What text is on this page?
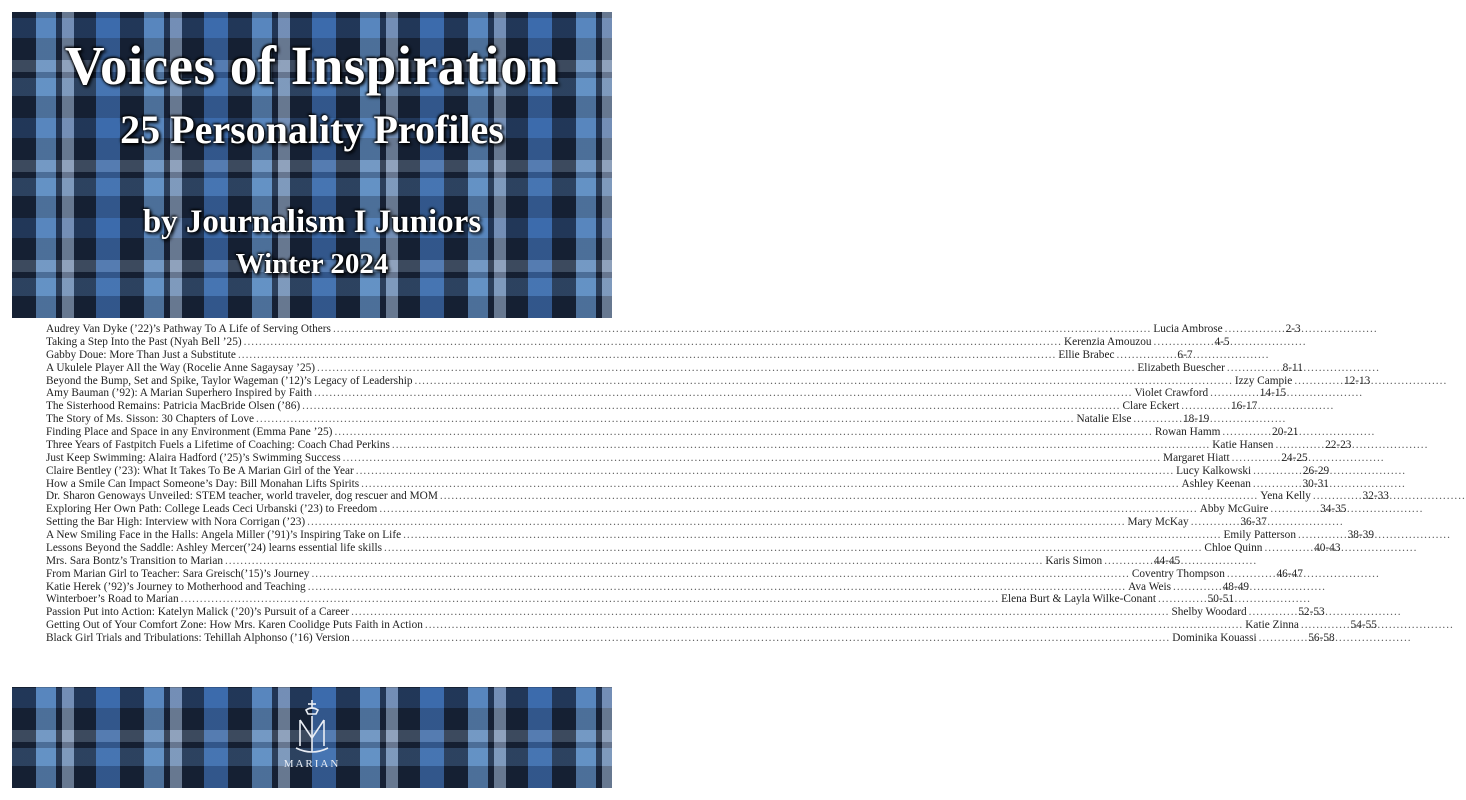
Voices of Inspiration
25 Personality Profiles
by Journalism I Juniors
Winter 2024
Audrey Van Dyke (’22)’s Pathway To A Life of Serving Others .....	Lucia Ambrose .....	2-3
Taking a Step Into the Past (Nyah Bell ’25) .....	Kerenzia Amouzou .....	4-5
Gabby Doue: More Than Just a Substitute .....	Ellie Brabec .....	6-7
A Ukulele Player All the Way (Rocelie Anne Sagaysay ’25) .....	Elizabeth Buescher .....	8-11
Beyond the Bump, Set and Spike, Taylor Wageman (’12)’s Legacy of Leadership .....	Izzy Campie .....	12-13
Amy Bauman (’92): A Marian Superhero Inspired by Faith .....	Violet Crawford .....	14-15
The Sisterhood Remains: Patricia MacBride Olsen (’86) .....	Clare Eckert .....	16-17
The Story of Ms. Sisson: 30 Chapters of Love .....	Natalie Else .....	18-19
Finding Place and Space in any Environment (Emma Pane ’25) .....	Rowan Hamm .....	20-21
Three Years of Fastpitch Fuels a Lifetime of Coaching: Coach Chad Perkins .....	Katie Hansen .....	22-23
Just Keep Swimming: Alaira Hadford (’25)’s Swimming Success .....	Margaret Hiatt .....	24-25
Claire Bentley (’23): What It Takes To Be A Marian Girl of the Year .....	Lucy Kalkowski .....	26-29
How a Smile Can Impact Someone’s Day: Bill Monahan Lifts Spirits .....	Ashley Keenan .....	30-31
Dr. Sharon Genoways Unveiled: STEM teacher, world traveler, dog rescuer and MOM .....	Yena Kelly .....	32-33
Exploring Her Own Path: College Leads Ceci Urbanski (’23) to Freedom .....	Abby McGuire .....	34-35
Setting the Bar High: Interview with Nora Corrigan (’23) .....	Mary McKay .....	36-37
A New Smiling Face in the Halls: Angela Miller (’91)’s Inspiring Take on Life .....	Emily Patterson .....	38-39
Lessons Beyond the Saddle: Ashley Mercer(’24) learns essential life skills .....	Chloe Quinn .....	40-43
Mrs. Sara Bontz’s Transition to Marian .....	Karis Simon .....	44-45
From Marian Girl to Teacher: Sara Greisch(’15)’s Journey .....	Coventry Thompson .....	46-47
Katie Herek (’92)’s Journey to Motherhood and Teaching .....	Ava Weis .....	48-49
Winterboer’s Road to Marian .....	Elena Burt & Layla Wilke-Conant .....	50-51
Passion Put into Action: Katelyn Malick (’20)’s Pursuit of a Career .....	Shelby Woodard .....	52-53
Getting Out of Your Comfort Zone: How Mrs. Karen Coolidge Puts Faith in Action .....	Katie Zinna .....	54-55
Black Girl Trials and Tribulations: Tehillah Alphonso (’16) Version .....	Dominika Kouassi .....	56-58
MARIAN
